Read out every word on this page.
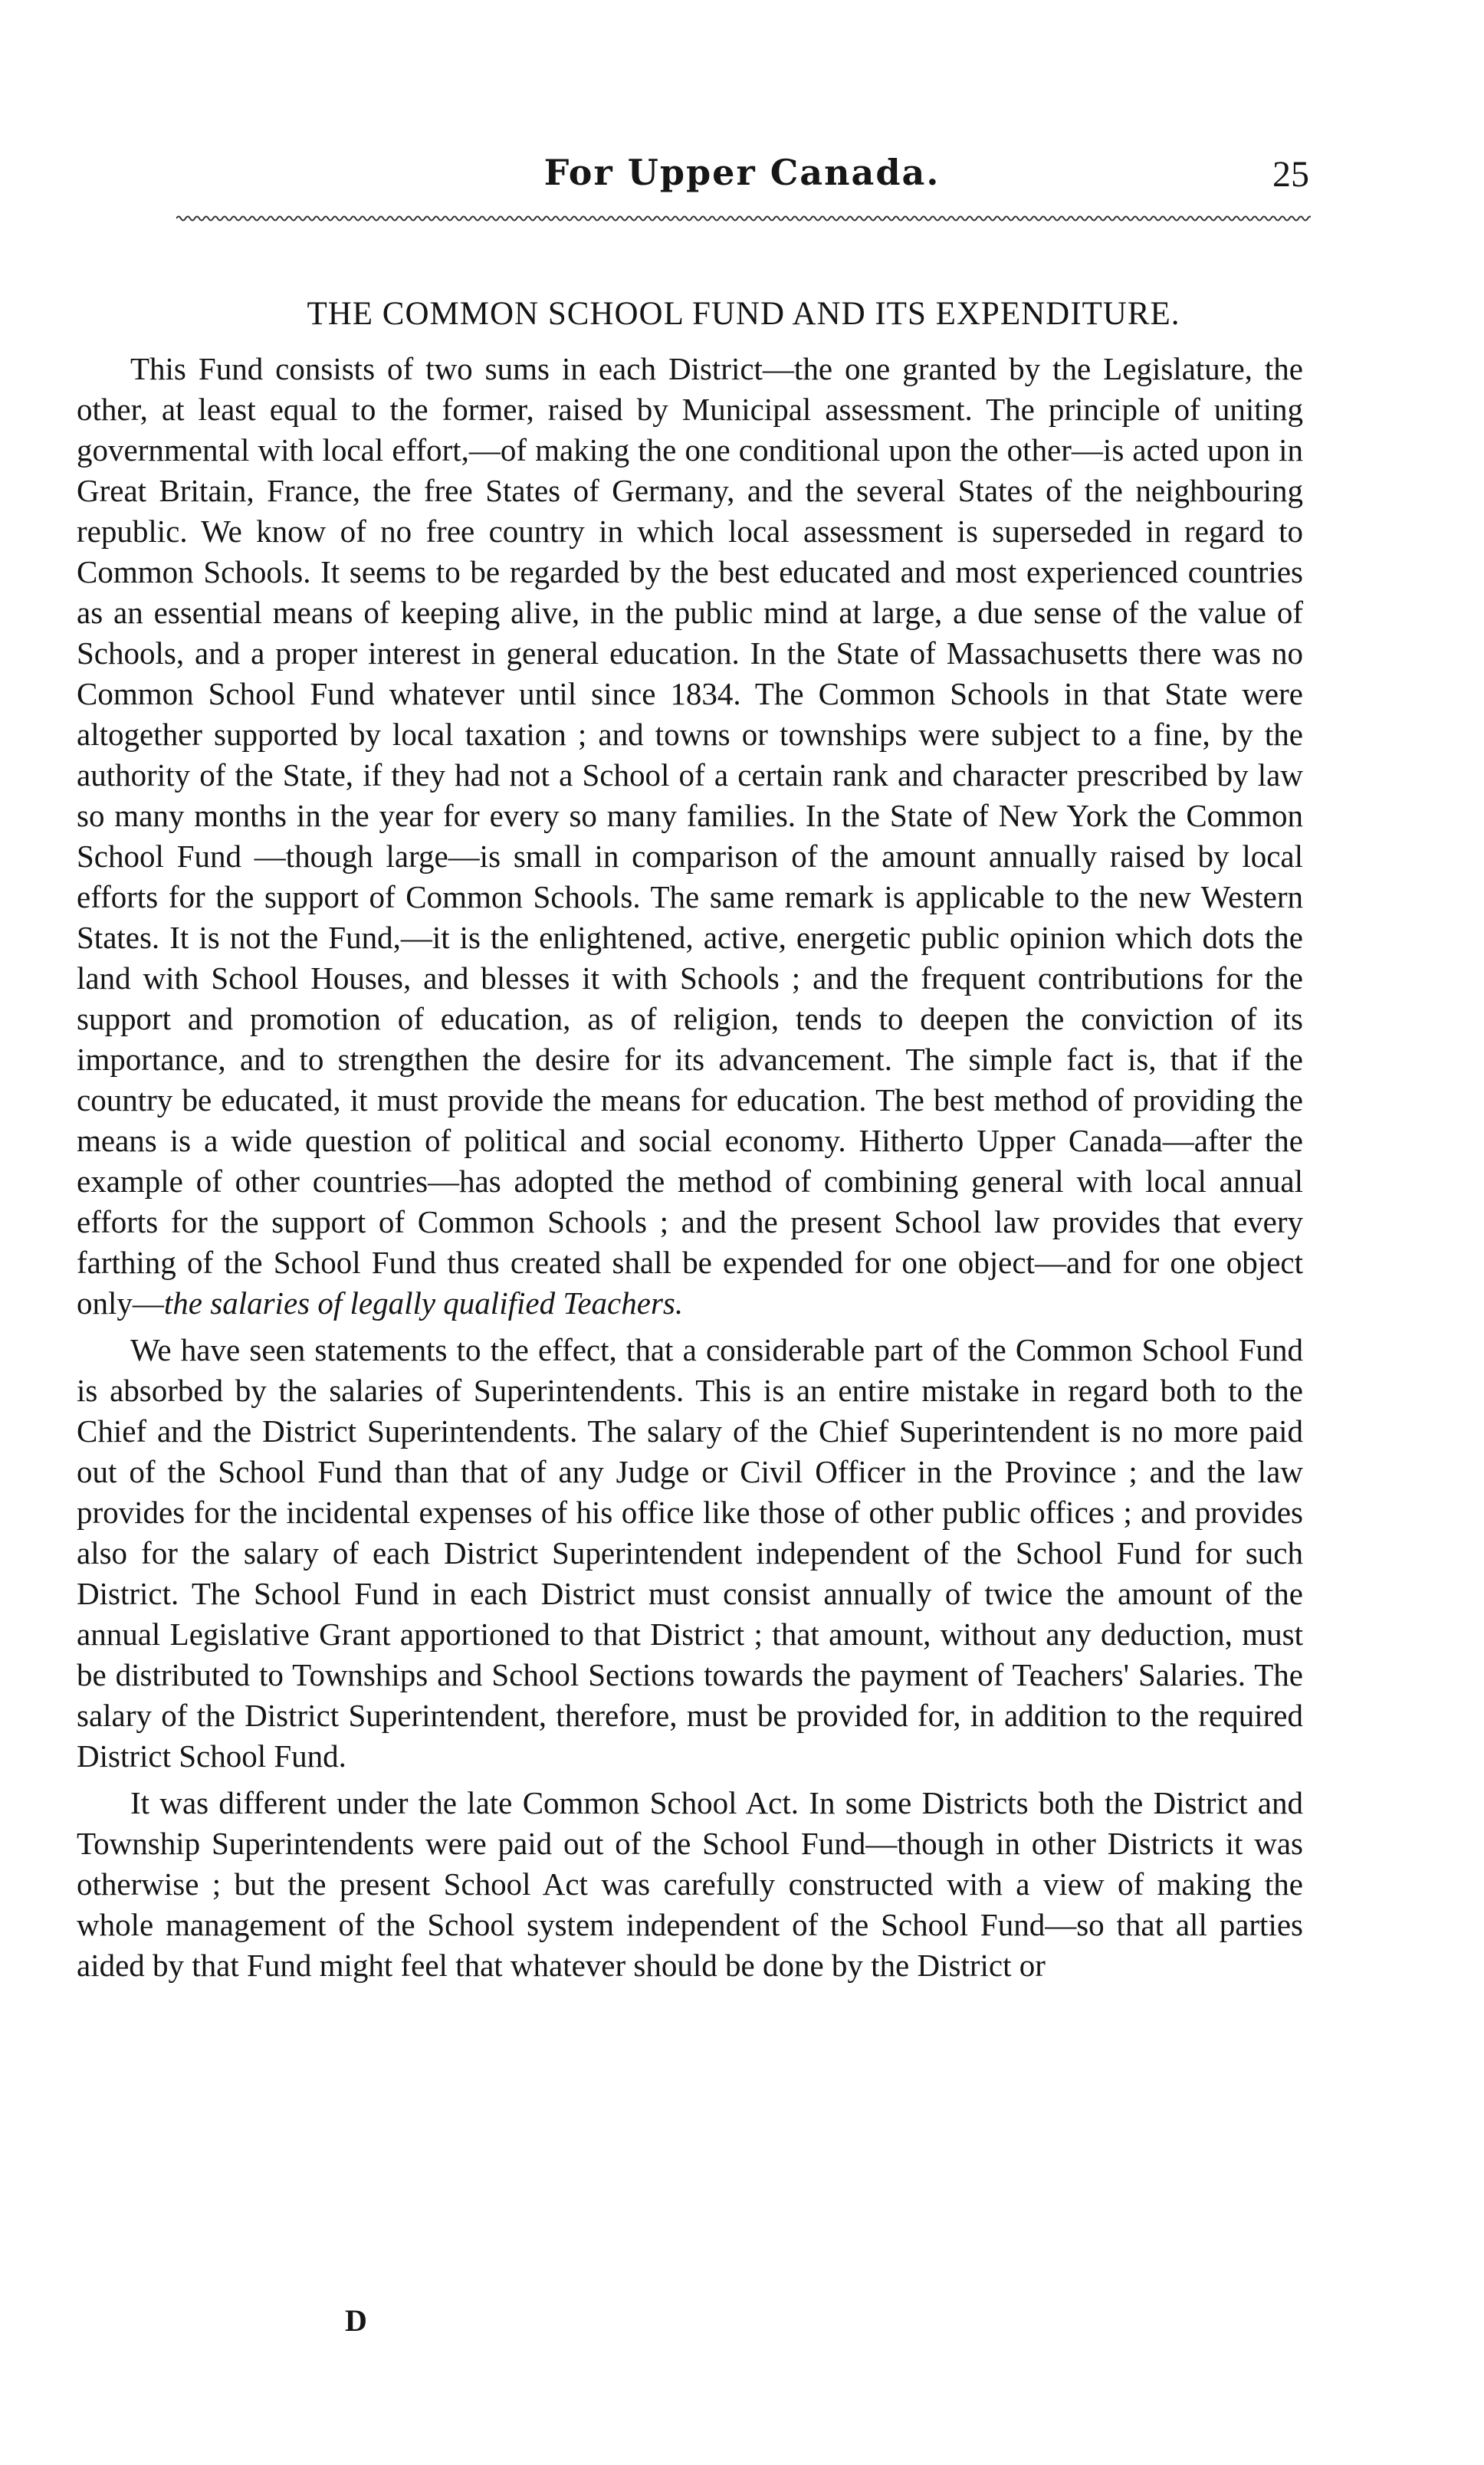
For Upper Canada.	25
THE COMMON SCHOOL FUND AND ITS EXPENDITURE.

This Fund consists of two sums in each District—the one granted by the Legislature, the other, at least equal to the former, raised by Municipal assessment. The principle of uniting governmental with local effort,—of making the one conditional upon the other—is acted upon in Great Britain, France, the free States of Germany, and the several States of the neighbouring republic. We know of no free country in which local assessment is superseded in regard to Common Schools. It seems to be regarded by the best educated and most experienced countries as an essential means of keeping alive, in the public mind at large, a due sense of the value of Schools, and a proper interest in general education. In the State of Massachusetts there was no Common School Fund whatever until since 1834. The Common Schools in that State were altogether supported by local taxation ; and towns or townships were subject to a fine, by the authority of the State, if they had not a School of a certain rank and character prescribed by law so many months in the year for every so many families. In the State of New York the Common School Fund —though large—is small in comparison of the amount annually raised by local efforts for the support of Common Schools. The same remark is applicable to the new Western States. It is not the Fund,—it is the enlightened, active, energetic public opinion which dots the land with School Houses, and blesses it with Schools ; and the frequent contributions for the support and promotion of education, as of religion, tends to deepen the conviction of its importance, and to strengthen the desire for its advancement. The simple fact is, that if the country be educated, it must provide the means for education. The best method of providing the means is a wide question of political and social economy. Hitherto Upper Canada—after the example of other countries—has adopted the method of combining general with local annual efforts for the support of Common Schools ; and the present School law provides that every farthing of the School Fund thus created shall be expended for one object—and for one object only—the salaries of legally qualified Teachers.

We have seen statements to the effect, that a considerable part of the Common School Fund is absorbed by the salaries of Superintendents. This is an entire mistake in regard both to the Chief and the District Superintendents. The salary of the Chief Superintendent is no more paid out of the School Fund than that of any Judge or Civil Officer in the Province ; and the law provides for the incidental expenses of his office like those of other public offices ; and provides also for the salary of each District Superintendent independent of the School Fund for such District. The School Fund in each District must consist annually of twice the amount of the annual Legislative Grant apportioned to that District ; that amount, without any deduction, must be distributed to Townships and School Sections towards the payment of Teachers' Salaries. The salary of the District Superintendent, therefore, must be provided for, in addition to the required District School Fund.

It was different under the late Common School Act. In some Districts both the District and Township Superintendents were paid out of the School Fund—though in other Districts it was otherwise ; but the present School Act was carefully constructed with a view of making the whole management of the School system independent of the School Fund—so that all parties aided by that Fund might feel that whatever should be done by the District or

D
